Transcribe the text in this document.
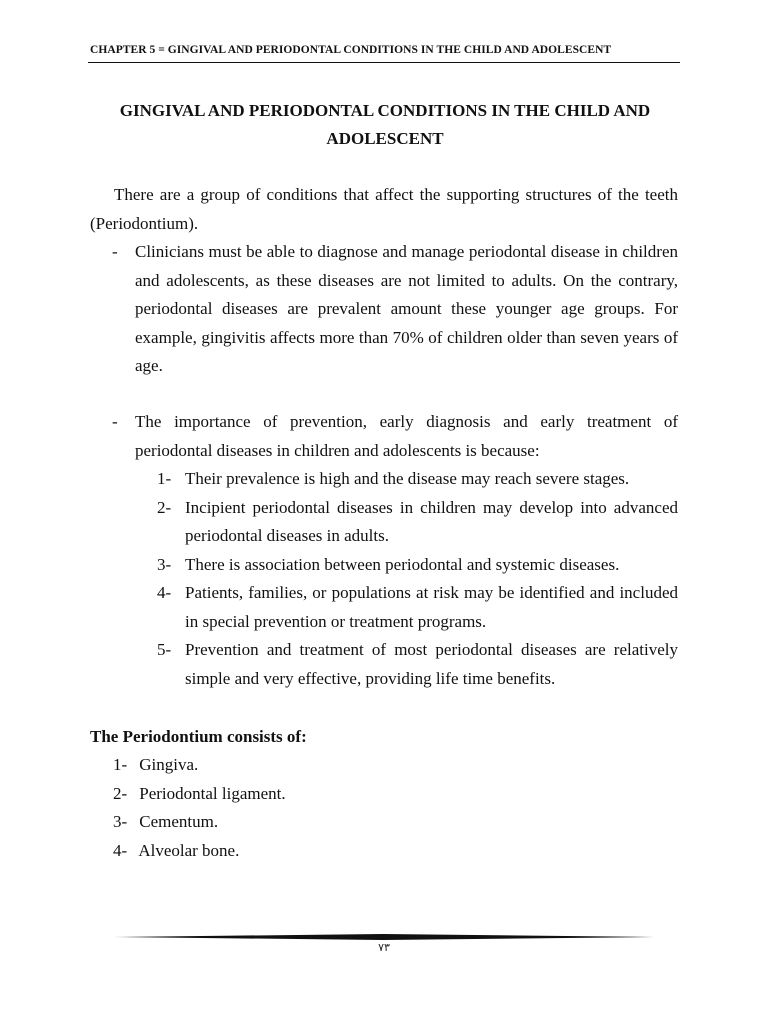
CHAPTER 5 = GINGIVAL AND PERIODONTAL CONDITIONS IN THE CHILD AND ADOLESCENT
GINGIVAL AND PERIODONTAL CONDITIONS IN THE CHILD AND
ADOLESCENT

There are a group of conditions that affect the supporting structures of the teeth (Periodontium).

-	Clinicians must be able to diagnose and manage periodontal disease in children and adolescents, as these diseases are not limited to adults. On the contrary, periodontal diseases are prevalent amount these younger age groups. For example, gingivitis affects more than 70% of children older than seven years of age.
-	The importance of prevention, early diagnosis and early treatment of periodontal diseases in children and adolescents is because:
1- Their prevalence is high and the disease may reach severe stages.
2- Incipient periodontal diseases in children may develop into advanced periodontal diseases in adults.
3- There is association between periodontal and systemic diseases.
4- Patients, families, or populations at risk may be identified and included in special prevention or treatment programs.
5- Prevention and treatment of most periodontal diseases are relatively simple and very effective, providing life time benefits.
The Periodontium consists of:
1- Gingiva.
2- Periodontal ligament.
3- Cementum.
4- Alveolar bone.
٧٣
